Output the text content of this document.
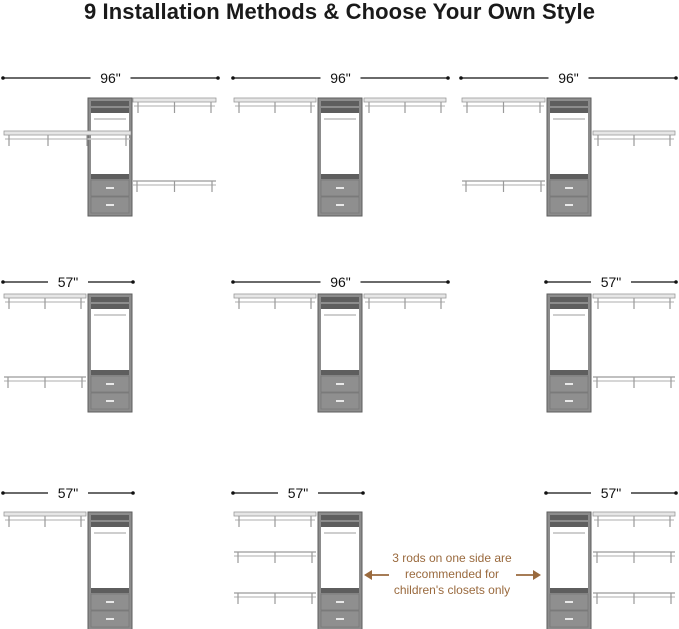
9 Installation Methods & Choose Your Own Style
96"	96"	96"
57"	96"	57"
57"	57"	57"
3 rods on one side are
recommended for
children's closets only
